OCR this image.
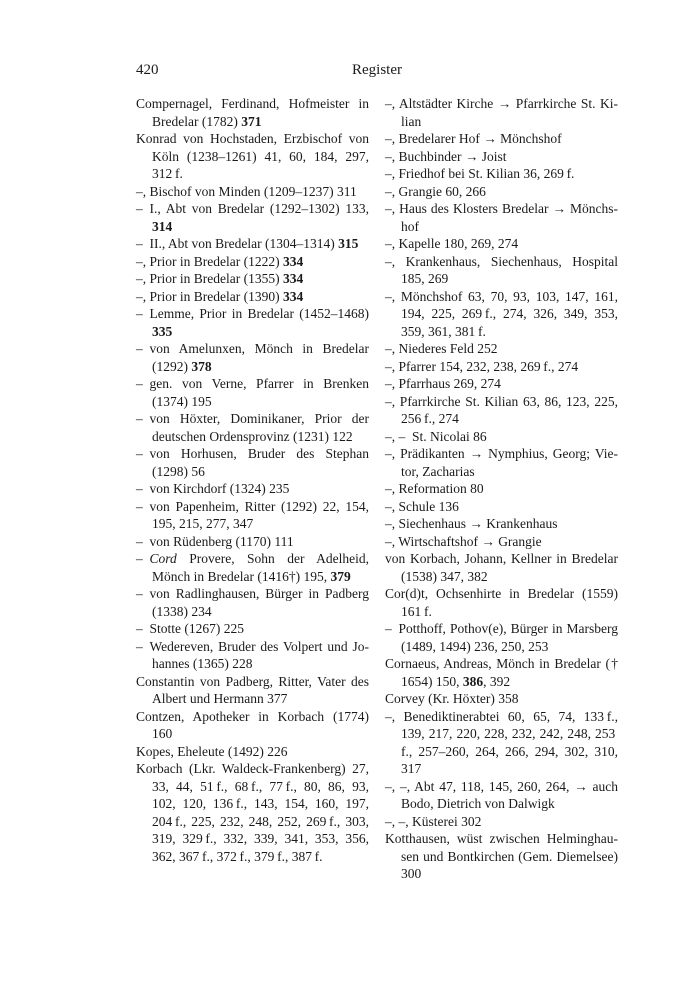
420	Register
Compernagel, Ferdinand, Hofmeister in Bredelar (1782) 371
Konrad von Hochstaden, Erzbischof von Köln (1238–1261) 41, 60, 184, 297, 312 f.
–, Bischof von Minden (1209–1237) 311
– I., Abt von Bredelar (1292–1302) 133, 314
– II., Abt von Bredelar (1304–1314) 315
–, Prior in Bredelar (1222) 334
–, Prior in Bredelar (1355) 334
–, Prior in Bredelar (1390) 334
– Lemme, Prior in Bredelar (1452–1468) 335
– von Amelunxen, Mönch in Bredelar (1292) 378
– gen. von Verne, Pfarrer in Brenken (1374) 195
– von Höxter, Dominikaner, Prior der deutschen Ordensprovinz (1231) 122
– von Horhusen, Bruder des Stephan (1298) 56
– von Kirchdorf (1324) 235
– von Papenheim, Ritter (1292) 22, 154, 195, 215, 277, 347
– von Rüdenberg (1170) 111
– Cord Provere, Sohn der Adelheid, Mönch in Bredelar (1416†) 195, 379
– von Radlinghausen, Bürger in Padberg (1338) 234
– Stotte (1267) 225
– Wedereven, Bruder des Volpert und Johannes (1365) 228
Constantin von Padberg, Ritter, Vater des Albert und Hermann 377
Contzen, Apotheker in Korbach (1774) 160
Kopes, Eheleute (1492) 226
Korbach (Lkr. Waldeck-Frankenberg) 27, 33, 44, 51 f., 68 f., 77 f., 80, 86, 93, 102, 120, 136 f., 143, 154, 160, 197, 204 f., 225, 232, 248, 252, 269 f., 303, 319, 329 f., 332, 339, 341, 353, 356, 362, 367 f., 372 f., 379 f., 387 f.
–, Altstädter Kirche → Pfarrkirche St. Kilian
–, Bredelarer Hof → Mönchshof
–, Buchbinder → Joist
–, Friedhof bei St. Kilian 36, 269 f.
–, Grangie 60, 266
–, Haus des Klosters Bredelar → Mönchshof
–, Kapelle 180, 269, 274
–, Krankenhaus, Siechenhaus, Hospital 185, 269
–, Mönchshof 63, 70, 93, 103, 147, 161, 194, 225, 269 f., 274, 326, 349, 353, 359, 361, 381 f.
–, Niederes Feld 252
–, Pfarrer 154, 232, 238, 269 f., 274
–, Pfarrhaus 269, 274
–, Pfarrkirche St. Kilian 63, 86, 123, 225, 256 f., 274
–, – St. Nicolai 86
–, Prädikanten → Nymphius, Georg; Vietor, Zacharias
–, Reformation 80
–, Schule 136
–, Siechenhaus → Krankenhaus
–, Wirtschaftshof → Grangie
von Korbach, Johann, Kellner in Bredelar (1538) 347, 382
Cor(d)t, Ochsenhirte in Bredelar (1559) 161 f.
– Potthoff, Pothov(e), Bürger in Marsberg (1489, 1494) 236, 250, 253
Cornaeus, Andreas, Mönch in Bredelar († 1654) 150, 386, 392
Corvey (Kr. Höxter) 358
–, Benediktinerabtei 60, 65, 74, 133 f., 139, 217, 220, 228, 232, 242, 248, 253 f., 257–260, 264, 266, 294, 302, 310, 317
–, –, Abt 47, 118, 145, 260, 264, → auch Bodo, Dietrich von Dalwigk
–, –, Küsterei 302
Kotthausen, wüst zwischen Helminghausen und Bontkirchen (Gem. Diemelsee) 300
